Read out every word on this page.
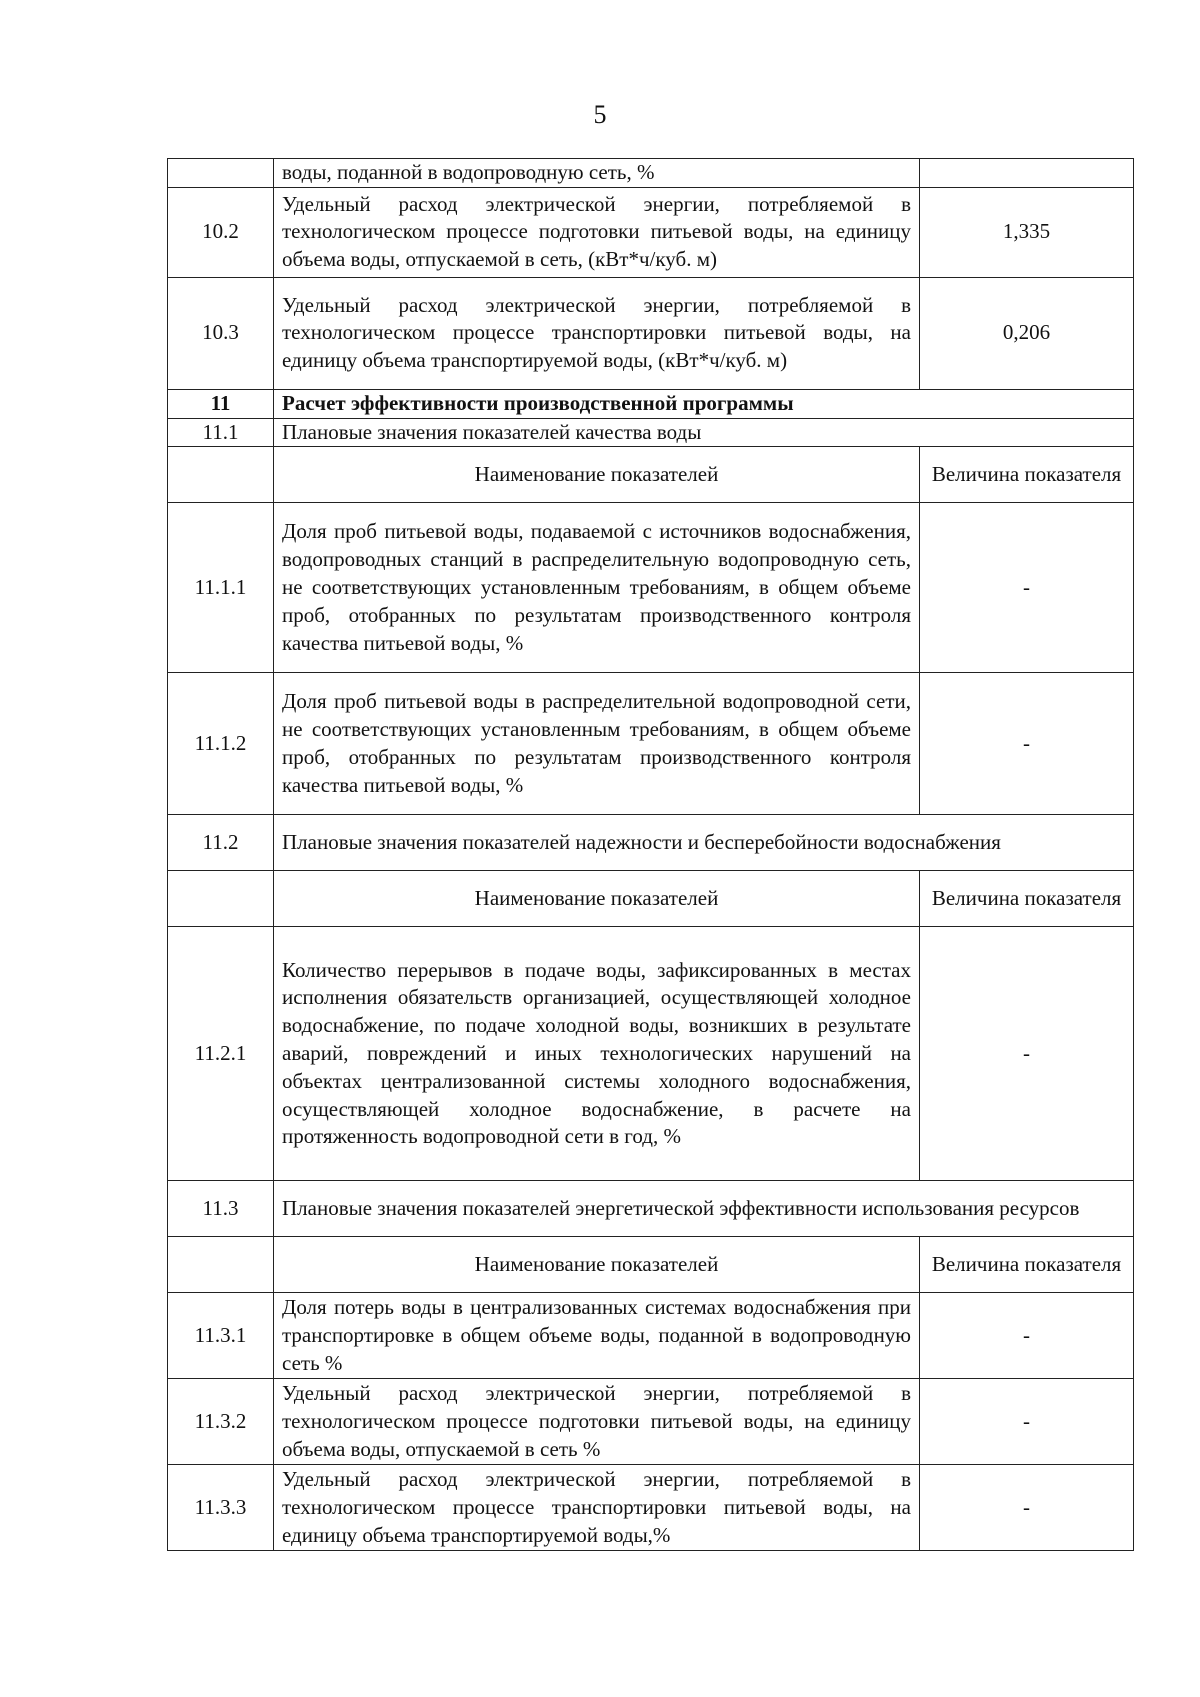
5
	воды, поданной в водопроводную сеть, %	
10.2	Удельный расход электрической энергии, потребляемой в технологическом процессе подготовки питьевой воды, на единицу объема воды, отпускаемой в сеть, (кВт*ч/куб. м)	1,335
10.3	Удельный расход электрической энергии, потребляемой в технологическом процессе транспортировки питьевой воды, на единицу объема транспортируемой воды, (кВт*ч/куб. м)	0,206
11	Расчет эффективности производственной программы	
11.1	Плановые значения показателей качества воды	
	Наименование показателей	Величина показателя
11.1.1	Доля проб питьевой воды, подаваемой с источников водоснабжения, водопроводных станций в распределительную водопроводную сеть, не соответствующих установленным требованиям, в общем объеме проб, отобранных по результатам производственного контроля качества питьевой воды, %	-
11.1.2	Доля проб питьевой воды в распределительной водопроводной сети, не соответствующих установленным требованиям, в общем объеме проб, отобранных по результатам производственного контроля качества питьевой воды, %	-
11.2	Плановые значения показателей надежности и бесперебойности водоснабжения	
	Наименование показателей	Величина показателя
11.2.1	Количество перерывов в подаче воды, зафиксированных в местах исполнения обязательств организацией, осуществляющей холодное водоснабжение, по подаче холодной воды, возникших в результате аварий, повреждений и иных технологических нарушений на объектах централизованной системы холодного водоснабжения, осуществляющей холодное водоснабжение, в расчете на протяженность водопроводной сети в год, %	-
11.3	Плановые значения показателей энергетической эффективности использования ресурсов	
	Наименование показателей	Величина показателя
11.3.1	Доля потерь воды в централизованных системах водоснабжения при транспортировке в общем объеме воды, поданной в водопроводную сеть %	-
11.3.2	Удельный расход электрической энергии, потребляемой в технологическом процессе подготовки питьевой воды, на единицу объема воды, отпускаемой в сеть %	-
11.3.3	Удельный расход электрической энергии, потребляемой в технологическом процессе транспортировки питьевой воды, на единицу объема транспортируемой воды,%	-
